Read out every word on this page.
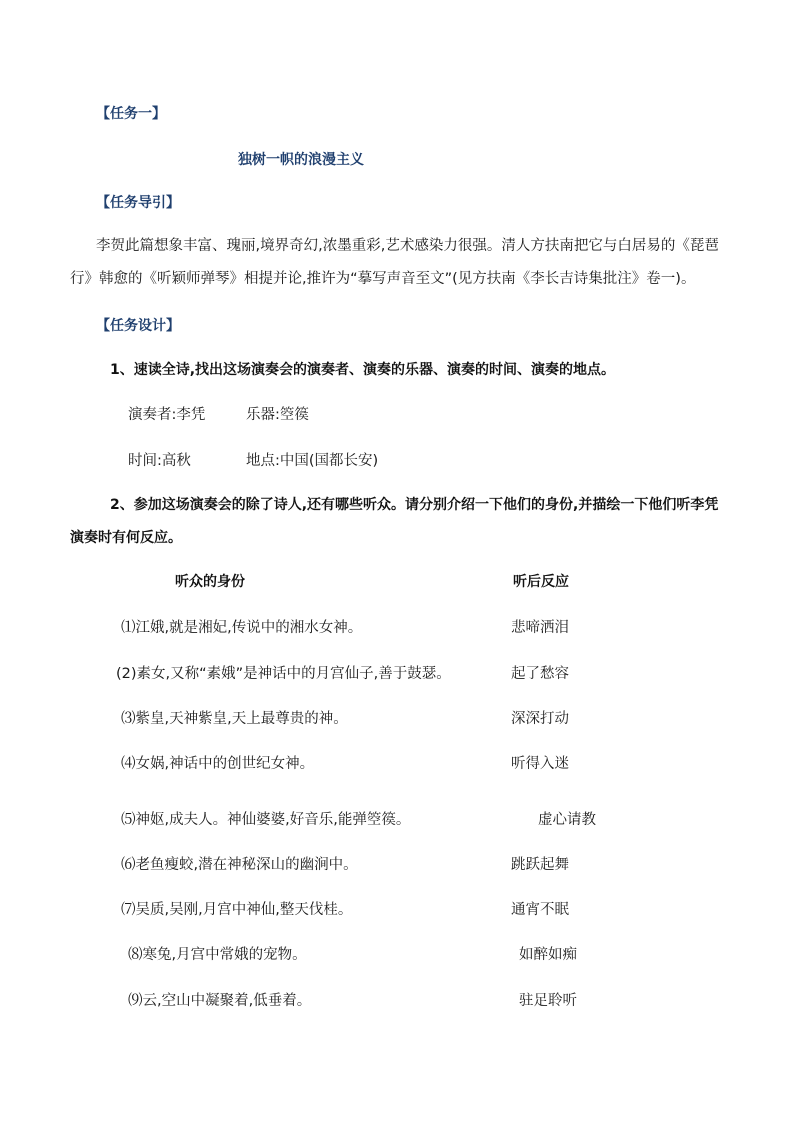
【任务一】
独树一帜的浪漫主义
【任务导引】
李贺此篇想象丰富、瑰丽,境界奇幻,浓墨重彩,艺术感染力很强。清人方扶南把它与白居易的《琵琶
行》韩愈的《听颖师弹琴》相提并论,推许为“摹写声音至文”(见方扶南《李长吉诗集批注》卷一)。
【任务设计】
1、速读全诗,找出这场演奏会的演奏者、演奏的乐器、演奏的时间、演奏的地点。
演奏者:李凭	乐器:箜篌
时间:高秋	地点:中国(国都长安)
2、参加这场演奏会的除了诗人,还有哪些听众。请分别介绍一下他们的身份,并描绘一下他们听李凭
演奏时有何反应。
听众的身份	听后反应
⑴江娥,就是湘妃,传说中的湘水女神。	悲啼洒泪
(2)素女,又称“素娥”是神话中的月宫仙子,善于鼓瑟。	起了愁容
⑶紫皇,天神紫皇,天上最尊贵的神。	深深打动
⑷女娲,神话中的创世纪女神。	听得入迷
⑸神妪,成夫人。神仙婆婆,好音乐,能弹箜篌。	虚心请教
⑹老鱼瘦蛟,潜在神秘深山的幽涧中。	跳跃起舞
⑺吴质,吴刚,月宫中神仙,整天伐桂。	通宵不眠
⑻寒兔,月宫中常娥的宠物。	如醉如痴
⑼云,空山中凝聚着,低垂着。	驻足聆听
